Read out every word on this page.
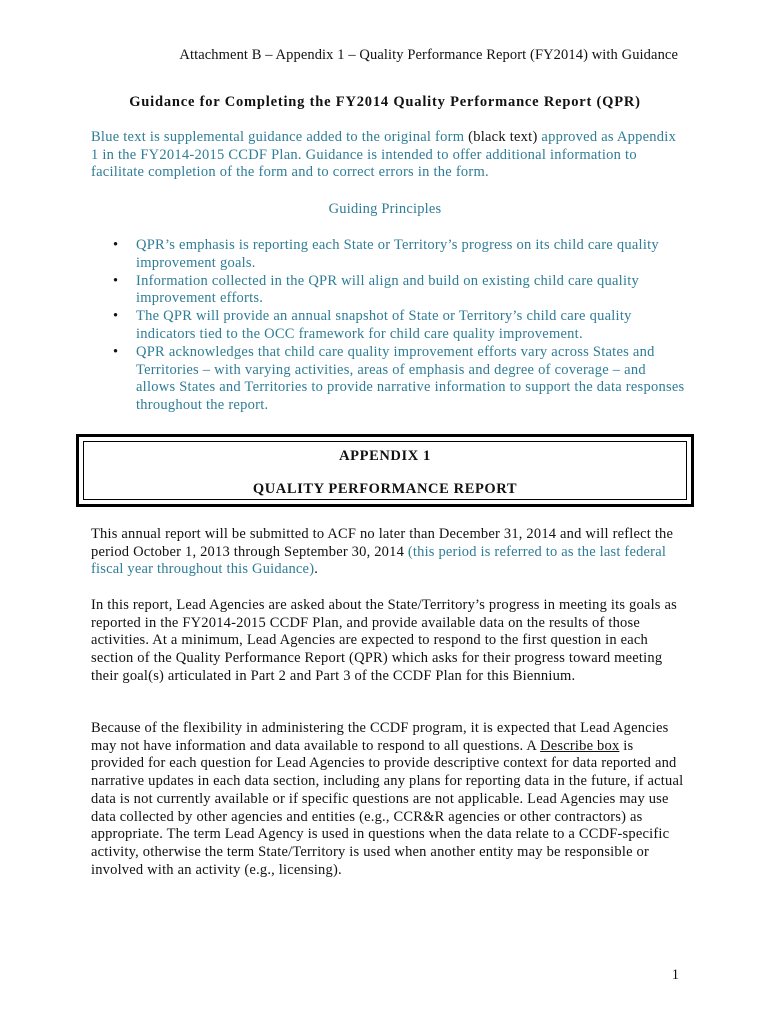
Attachment B – Appendix 1 – Quality Performance Report (FY2014) with Guidance
Guidance for Completing the FY2014 Quality Performance Report (QPR)
Blue text is supplemental guidance added to the original form (black text) approved as Appendix 1 in the FY2014-2015 CCDF Plan. Guidance is intended to offer additional information to facilitate completion of the form and to correct errors in the form.
Guiding Principles
• QPR’s emphasis is reporting each State or Territory’s progress on its child care quality improvement goals.
• Information collected in the QPR will align and build on existing child care quality improvement efforts.
• The QPR will provide an annual snapshot of State or Territory’s child care quality indicators tied to the OCC framework for child care quality improvement.
• QPR acknowledges that child care quality improvement efforts vary across States and Territories – with varying activities, areas of emphasis and degree of coverage – and allows States and Territories to provide narrative information to support the data responses throughout the report.
APPENDIX 1
QUALITY PERFORMANCE REPORT

This annual report will be submitted to ACF no later than December 31, 2014 and will reflect the period October 1, 2013 through September 30, 2014 (this period is referred to as the last federal fiscal year throughout this Guidance).

In this report, Lead Agencies are asked about the State/Territory’s progress in meeting its goals as reported in the FY2014-2015 CCDF Plan, and provide available data on the results of those activities. At a minimum, Lead Agencies are expected to respond to the first question in each section of the Quality Performance Report (QPR) which asks for their progress toward meeting their goal(s) articulated in Part 2 and Part 3 of the CCDF Plan for this Biennium.

Because of the flexibility in administering the CCDF program, it is expected that Lead Agencies may not have information and data available to respond to all questions. A Describe box is provided for each question for Lead Agencies to provide descriptive context for data reported and narrative updates in each data section, including any plans for reporting data in the future, if actual data is not currently available or if specific questions are not applicable. Lead Agencies may use data collected by other agencies and entities (e.g., CCR&R agencies or other contractors) as appropriate. The term Lead Agency is used in questions when the data relate to a CCDF-specific activity, otherwise the term State/Territory is used when another entity may be responsible or involved with an activity (e.g., licensing).

1
